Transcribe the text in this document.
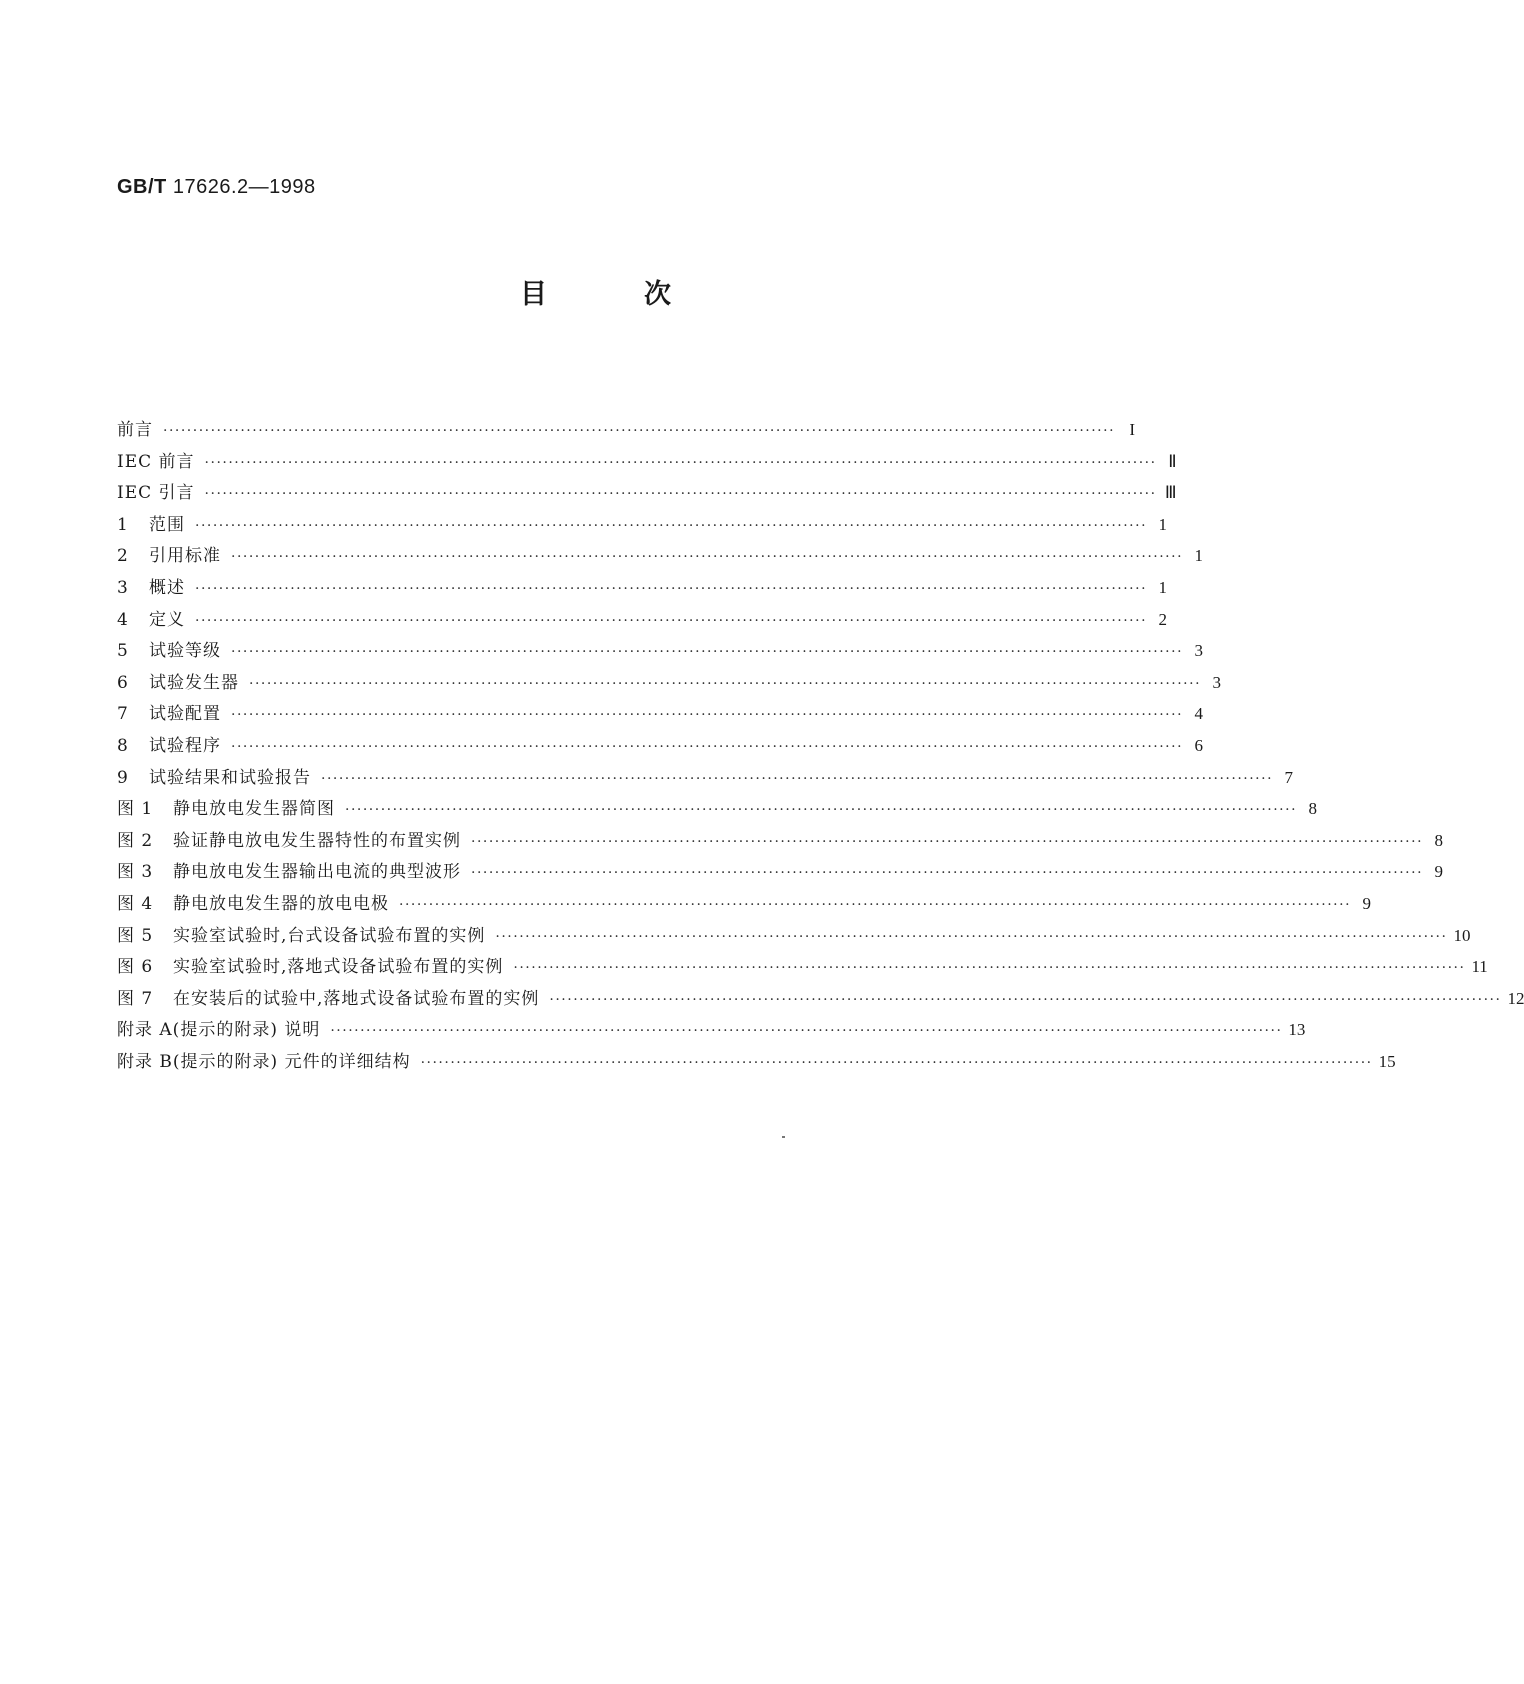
GB/T 17626.2—1998
目	次
前言 ································································································································································ I
IEC 前言 ································································································································································ Ⅱ
IEC 引言 ································································································································································ Ⅲ
1	范围 ································································································································································ 1
2	引用标准 ································································································································································ 1
3	概述 ································································································································································ 1
4	定义 ································································································································································ 2
5	试验等级 ································································································································································ 3
6	试验发生器 ································································································································································ 3
7	试验配置 ································································································································································ 4
8	试验程序 ································································································································································ 6
9	试验结果和试验报告 ································································································································································ 7
图 1	静电放电发生器简图 ································································································································································ 8
图 2	验证静电放电发生器特性的布置实例 ································································································································································ 8
图 3	静电放电发生器输出电流的典型波形 ································································································································································ 9
图 4	静电放电发生器的放电电极 ································································································································································ 9
图 5	实验室试验时,台式设备试验布置的实例 ································································································································································ 10
图 6	实验室试验时,落地式设备试验布置的实例 ································································································································································ 11
图 7	在安装后的试验中,落地式设备试验布置的实例 ································································································································································ 12
附录 A(提示的附录) 说明 ································································································································································ 13
附录 B(提示的附录) 元件的详细结构 ································································································································································ 15
